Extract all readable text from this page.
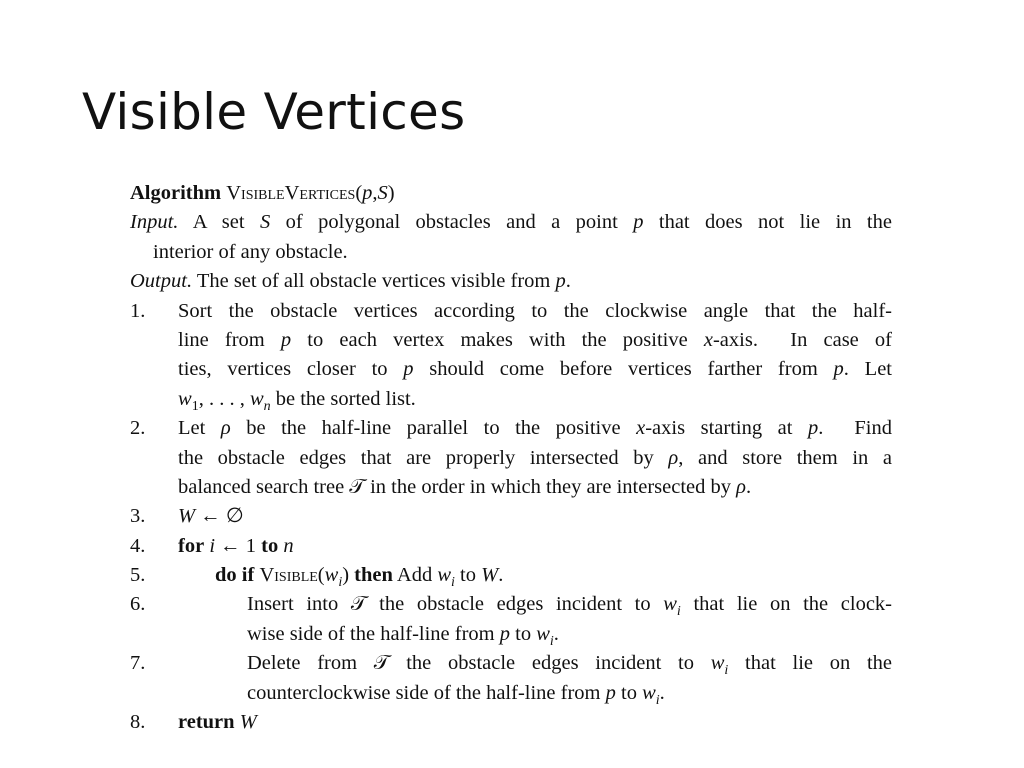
Visible Vertices
Algorithm VisibleVertices(p,S)
Input. A set S of polygonal obstacles and a point p that does not lie in the
interior of any obstacle.
Output. The set of all obstacle vertices visible from p.
1. Sort the obstacle vertices according to the clockwise angle that the half-
line from p to each vertex makes with the positive x-axis.  In case of
ties, vertices closer to p should come before vertices farther from p. Let
$w_1$, . . . , $w_n$ be the sorted list.
2. Let ρ be the half-line parallel to the positive x-axis starting at p.  Find
the obstacle edges that are properly intersected by ρ, and store them in a
balanced search tree 𝒯 in the order in which they are intersected by ρ.
3. W ← ∅
4. for i ← 1 to n
5.	do if $Visible(w_i)$ then Add $w_i$ to W.
6.	Insert into 𝒯 the obstacle edges incident to $w_i$ that lie on the clock-
wise side of the half-line from p to $w_i$.
7.	Delete from 𝒯 the obstacle edges incident to $w_i$ that lie on the
counterclockwise side of the half-line from p to $w_i$.
8. return W
